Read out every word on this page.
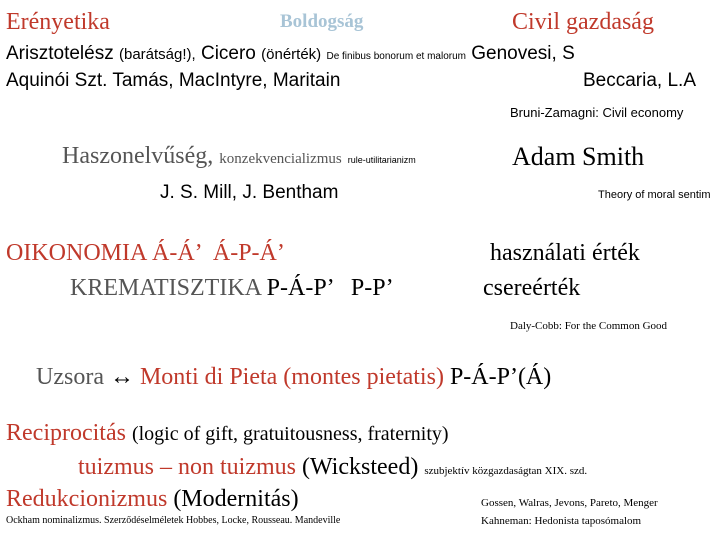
Erényetika	Boldogság	Civil gazdaság
Arisztotelész (barátság!), Cicero (önérték) De finibus bonorum et malorum Genovesi, S
Aquinói Szt. Tamás, MacIntyre, Maritain	Beccaria, L.A
Bruni-Zamagni: Civil economy
Haszonelvűség, konzekvencializmus rule-utilitarianizm	Adam Smith
J. S. Mill, J. Bentham	Theory of moral sentim
OIKONOMIA Á-Á’  Á-P-Á’	használati érték
KREMATISZTIKA P-Á-P’   P-P’	csereérték
Daly-Cobb: For the Common Good
Uzsora ↔ Monti di Pieta (montes pietatis) P-Á-P’(Á)
Reciprocitás (logic of gift, gratuitousness, fraternity)
tuizmus – non tuizmus (Wicksteed) szubjektív közgazdaságtan XIX. szd.
Redukcionizmus (Modernitás)	Gossen, Walras, Jevons, Pareto, Menger
Ockham nominalizmus. Szerződéselméletek Hobbes, Locke, Rousseau. Mandeville	Kahneman: Hedonista taposómalom
